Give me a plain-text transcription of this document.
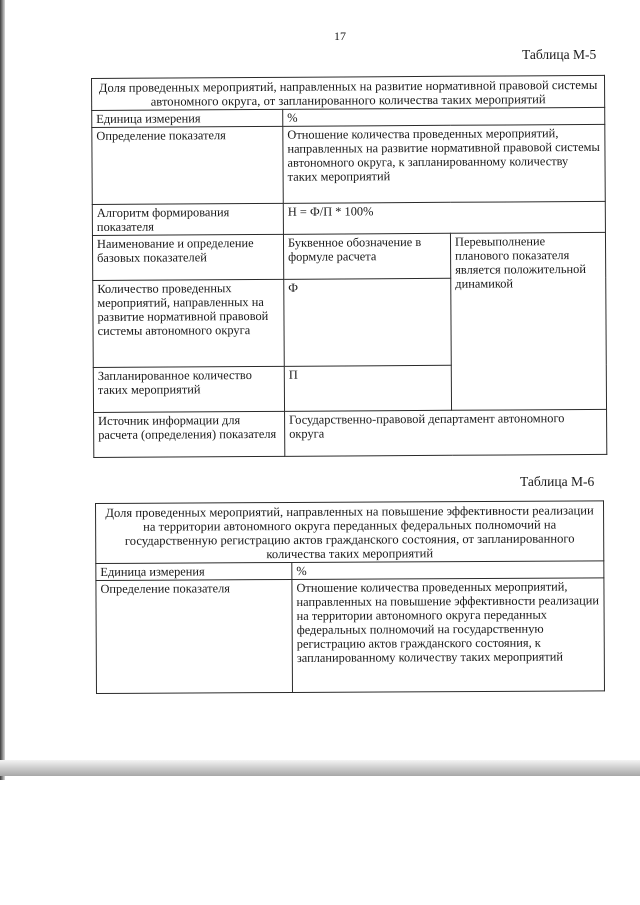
17
Таблица М-5
Доля проведенных мероприятий, направленных на развитие нормативной правовой системы автономного округа, от запланированного количества таких мероприятий		
Единица измерения	%	
Определение показателя	Отношение количества проведенных мероприятий, направленных на развитие нормативной правовой системы автономного округа, к запланированному количеству таких мероприятий	
Алгоритм формирования показателя	Н = Ф/П * 100%	
Наименование и определение базовых показателей	Буквенное обозначение в формуле расчета	Перевыполнение планового показателя является положительной динамикой
Количество проведенных мероприятий, направленных на развитие нормативной правовой системы автономного округа	Ф	
Запланированное количество таких мероприятий	П	
Источник информации для расчета (определения) показателя	Государственно-правовой департамент автономного округа	
Таблица М-6
Доля проведенных мероприятий, направленных на повышение эффективности реализации на территории автономного округа переданных федеральных полномочий на государственную регистрацию актов гражданского состояния, от запланированного количества таких мероприятий	
Единица измерения	%
Определение показателя	Отношение количества проведенных мероприятий, направленных на повышение эффективности реализации на территории автономного округа переданных федеральных полномочий на государственную регистрацию актов гражданского состояния, к запланированному количеству таких мероприятий
